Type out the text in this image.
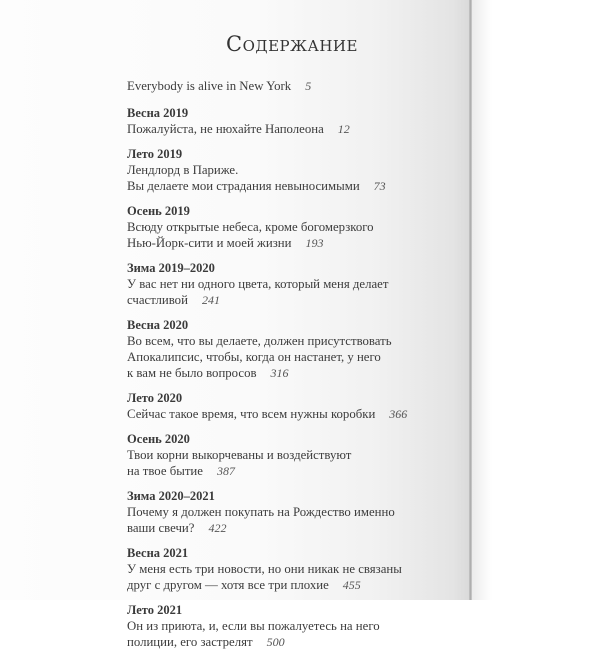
Содержание
Everybody is alive in New York 5
Весна 2019
Пожалуйста, не нюхайте Наполеона 12
Лето 2019
Лендлорд в Париже.
Вы делаете мои страдания невыносимыми 73
Осень 2019
Всюду открытые небеса, кроме богомерзкого
Нью-Йорк-сити и моей жизни 193
Зима 2019–2020
У вас нет ни одного цвета, который меня делает
счастливой 241
Весна 2020
Во всем, что вы делаете, должен присутствовать
Апокалипсис, чтобы, когда он настанет, у него
к вам не было вопросов 316
Лето 2020
Сейчас такое время, что всем нужны коробки 366
Осень 2020
Твои корни выкорчеваны и воздействуют
на твое бытие 387
Зима 2020–2021
Почему я должен покупать на Рождество именно
ваши свечи? 422
Весна 2021
У меня есть три новости, но они никак не связаны
друг с другом — хотя все три плохие 455
Лето 2021
Он из приюта, и, если вы пожалуетесь на него
полиции, его застрелят 500
